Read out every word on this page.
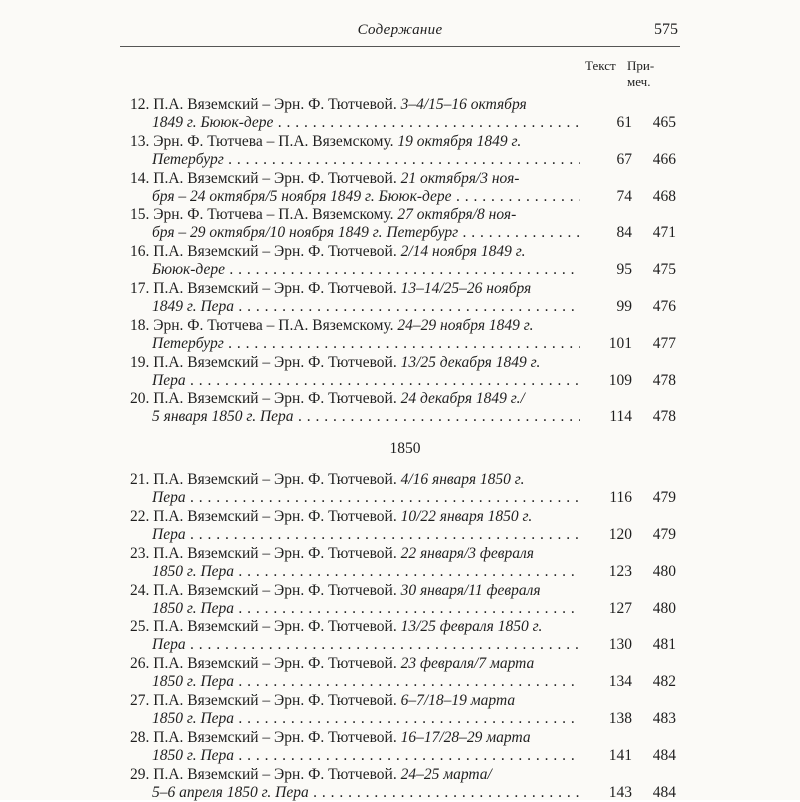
Содержание	575
Текст При-
меч.
12. П.А. Вяземский – Эрн. Ф. Тютчевой. 3–4/15–16 октября
1849 г. Бююк-дере . . .	61	465
13. Эрн. Ф. Тютчева – П.А. Вяземскому. 19 октября 1849 г.
Петербург . . .	67	466
14. П.А. Вяземский – Эрн. Ф. Тютчевой. 21 октября/3 ноя-
бря – 24 октября/5 ноября 1849 г. Бююк-дере . . .	74	468
15. Эрн. Ф. Тютчева – П.А. Вяземскому. 27 октября/8 ноя-
бря – 29 октября/10 ноября 1849 г. Петербург . . .	84	471
16. П.А. Вяземский – Эрн. Ф. Тютчевой. 2/14 ноября 1849 г.
Бююк-дере . . .	95	475
17. П.А. Вяземский – Эрн. Ф. Тютчевой. 13–14/25–26 ноября
1849 г. Пера . . .	99	476
18. Эрн. Ф. Тютчева – П.А. Вяземскому. 24–29 ноября 1849 г.
Петербург . . .	101	477
19. П.А. Вяземский – Эрн. Ф. Тютчевой. 13/25 декабря 1849 г.
Пера . . .	109	478
20. П.А. Вяземский – Эрн. Ф. Тютчевой. 24 декабря 1849 г./
5 января 1850 г. Пера . . .	114	478
1850
21. П.А. Вяземский – Эрн. Ф. Тютчевой. 4/16 января 1850 г.
Пера . . .	116	479
22. П.А. Вяземский – Эрн. Ф. Тютчевой. 10/22 января 1850 г.
Пера . . .	120	479
23. П.А. Вяземский – Эрн. Ф. Тютчевой. 22 января/3 февраля
1850 г. Пера . . .	123	480
24. П.А. Вяземский – Эрн. Ф. Тютчевой. 30 января/11 февраля
1850 г. Пера . . .	127	480
25. П.А. Вяземский – Эрн. Ф. Тютчевой. 13/25 февраля 1850 г.
Пера . . .	130	481
26. П.А. Вяземский – Эрн. Ф. Тютчевой. 23 февраля/7 марта
1850 г. Пера . . .	134	482
27. П.А. Вяземский – Эрн. Ф. Тютчевой. 6–7/18–19 марта
1850 г. Пера . . .	138	483
28. П.А. Вяземский – Эрн. Ф. Тютчевой. 16–17/28–29 марта
1850 г. Пера . . .	141	484
29. П.А. Вяземский – Эрн. Ф. Тютчевой. 24–25 марта/
5–6 апреля 1850 г. Пера . . .	143	484
